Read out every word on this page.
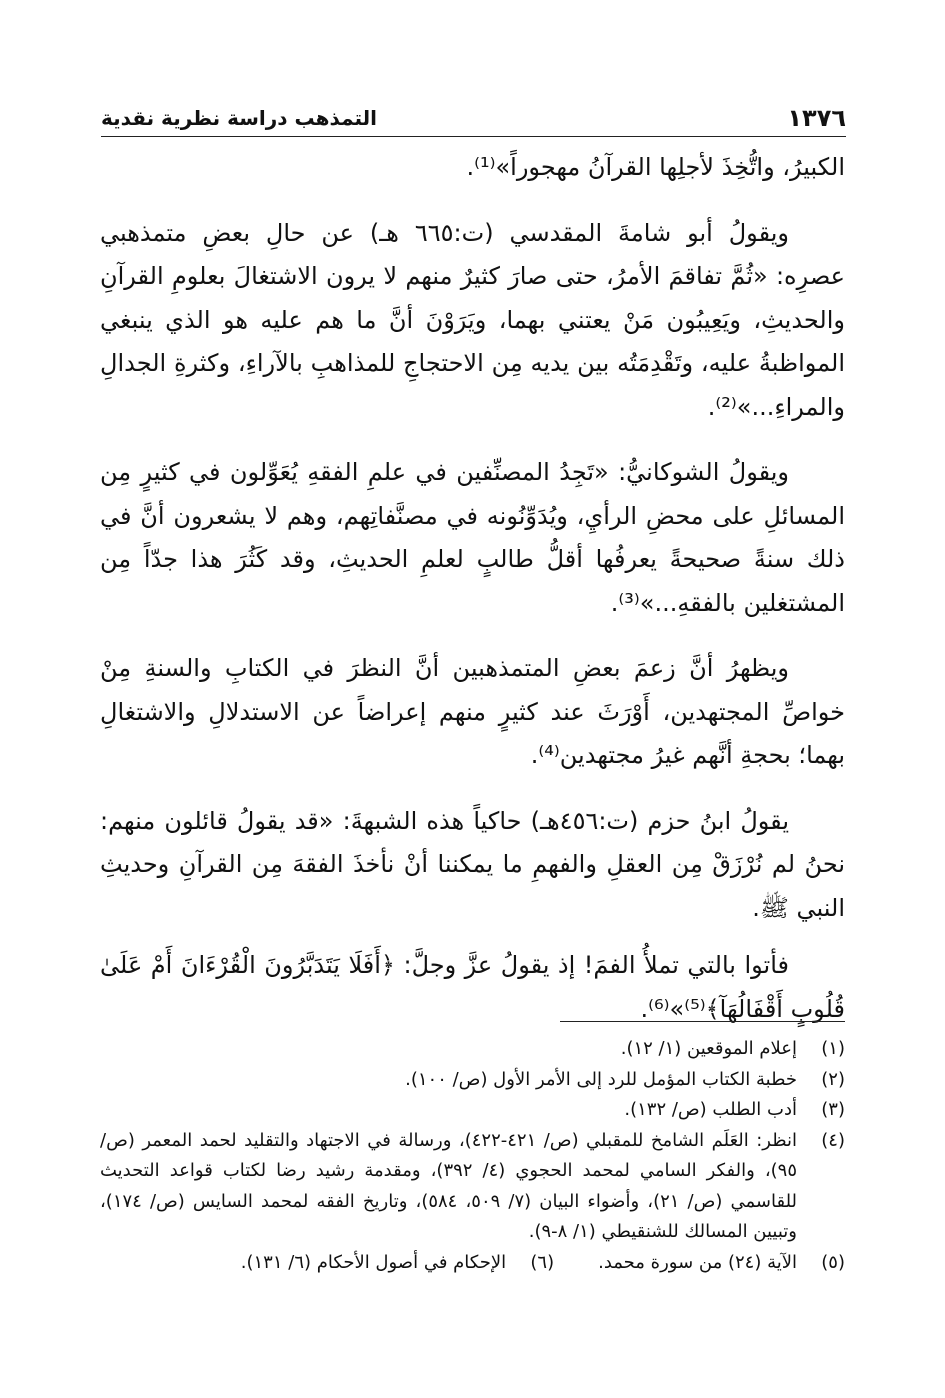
١٣٧٦
التمذهب دراسة نظرية نقدية

الكبيرُ، واتُّخِذَ لأجلِها القرآنُ مهجوراً»⁽¹⁾.

ويقولُ أبو شامةَ المقدسي (ت:٦٦٥ هـ) عن حالِ بعضِ متمذهبي عصرِه: «ثُمَّ تفاقمَ الأمرُ، حتى صارَ كثيرٌ منهم لا يرون الاشتغالَ بعلومِ القرآنِ والحديثِ، ويَعِيبُون مَنْ يعتني بهما، ويَرَوْنَ أنَّ ما هم عليه هو الذي ينبغي المواظبةُ عليه، وتَقْدِمَتُه بين يديه مِن الاحتجاجِ للمذاهبِ بالآراءِ، وكثرةِ الجدالِ والمراءِ...»⁽²⁾.

ويقولُ الشوكانيُّ: «تَجِدُ المصنِّفين في علمِ الفقهِ يُعَوِّلون في كثيرٍ مِن المسائلِ على محضِ الرأيِ، ويُدَوِّنُونه في مصنَّفاتِهم، وهم لا يشعرون أنَّ في ذلك سنةً صحيحةً يعرفُها أقلُّ طالبٍ لعلمِ الحديثِ، وقد كَثُرَ هذا جدّاً مِن المشتغلين بالفقهِ...»⁽³⁾.

ويظهرُ أنَّ زعمَ بعضِ المتمذهبين أنَّ النظرَ في الكتابِ والسنةِ مِنْ خواصِّ المجتهدين، أَوْرَثَ عند كثيرٍ منهم إعراضاً عن الاستدلالِ والاشتغالِ بهما؛ بحجةِ أنَّهم غيرُ مجتهدين⁽⁴⁾.

يقولُ ابنُ حزم (ت:٤٥٦هـ) حاكياً هذه الشبهةَ: «قد يقولُ قائلون منهم: نحنُ لم نُرْزَقْ مِن العقلِ والفهمِ ما يمكننا أنْ نأخذَ الفقهَ مِن القرآنِ وحديثِ النبي ﷺ.

فأتوا بالتي تملأُ الفمَ! إذ يقولُ عزَّ وجلَّ: ﴿أَفَلَا يَتَدَبَّرُونَ الْقُرْءَانَ أَمْ عَلَىٰ قُلُوبٍ أَقْفَالُهَآ﴾⁽⁵⁾»⁽⁶⁾.

(١)
إعلام الموقعين (١/ ١٢).
(٢)
خطبة الكتاب المؤمل للرد إلى الأمر الأول (ص/ ١٠٠).
(٣)
أدب الطلب (ص/ ١٣٢).
(٤)
انظر: العَلَم الشامخ للمقبلي (ص/ ٤٢١-٤٢٢)، ورسالة في الاجتهاد والتقليد لحمد المعمر (ص/ ٩٥)، والفكر السامي لمحمد الحجوي (٤/ ٣٩٢)، ومقدمة رشيد رضا لكتاب قواعد التحديث للقاسمي (ص/ ٢١)، وأضواء البيان (٧/ ٥٠٩، ٥٨٤)، وتاريخ الفقه لمحمد السايس (ص/ ١٧٤)، وتبيين المسالك للشنقيطي (١/ ٨-٩).
(٥)
الآية (٢٤) من سورة محمد.
(٦)
الإحكام في أصول الأحكام (٦/ ١٣١).
